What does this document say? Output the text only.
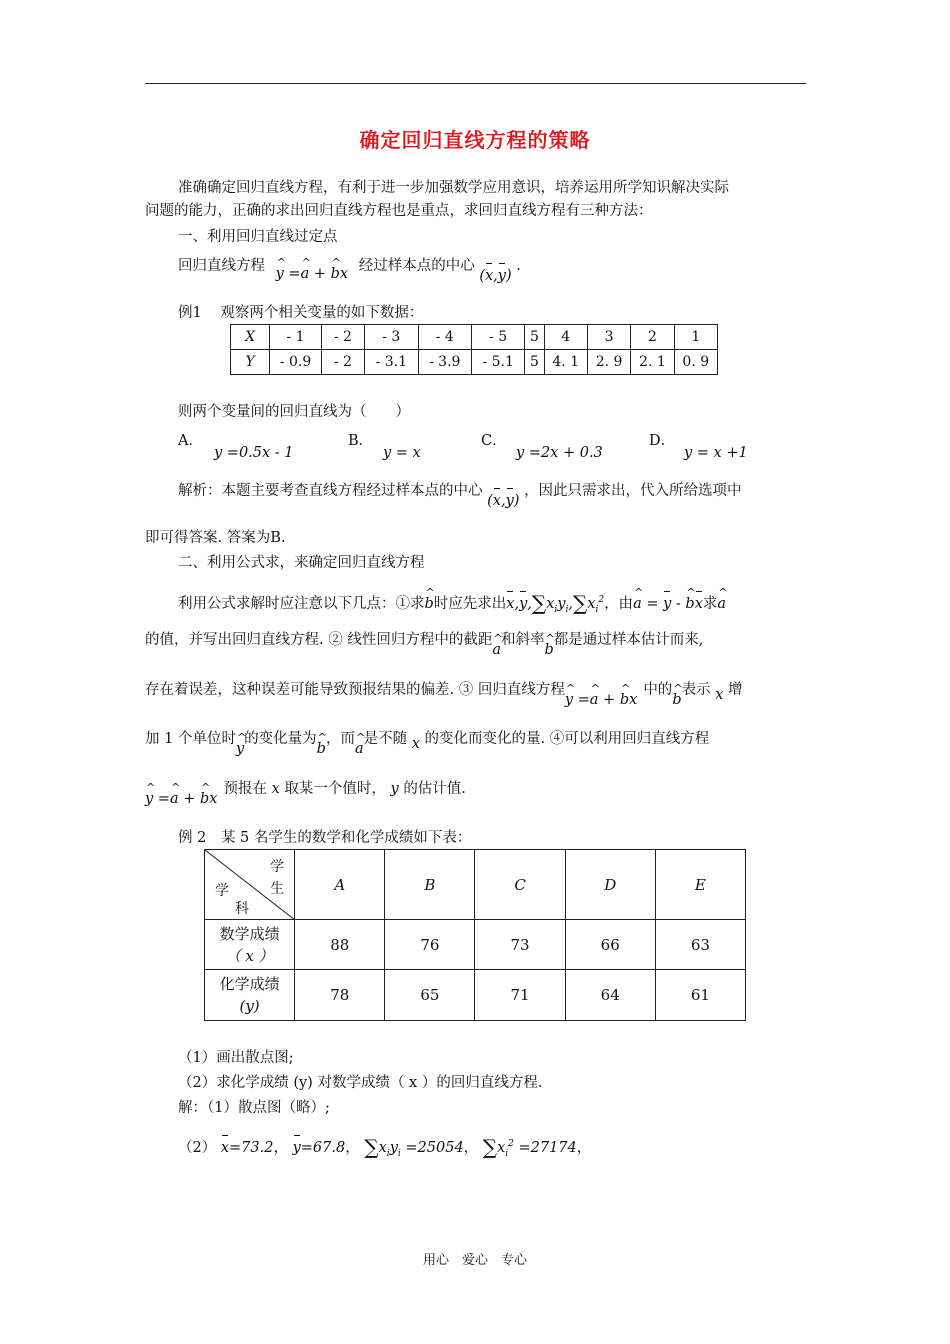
确定回归直线方程的策略
准确确定回归直线方程，有利于进一步加强数学应用意识，培养运用所学知识解决实际
问题的能力，正确的求出回归直线方程也是重点，求回归直线方程有三种方法：
一、利用回归直线过定点
回归直线方程 ^ y =^ a + ^ bx 经过样本点的中心 (x,y) .
例1 观察两个相关变量的如下数据：
X	- 1	- 2	- 3	- 4	- 5	5	4	3	2	1
Y	- 0.9	- 2	- 3.1	- 3.9	- 5.1	5	4. 1	2. 9	2. 1	0. 9
则两个变量间的回归直线为（　　）
A．
y =0.5x - 1
B．
y = x
C．
y =2x + 0.3
D．
y = x +1
解析：本题主要考查直线方程经过样本点的中心 (x,y) ，因此只需求出，代入所给选项中
即可得答案. 答案为B.
二、利用公式求，来确定回归直线方程
利用公式求解时应注意以下几点：①求^ b时应先求出$x,y,\sum x_iy_i,\sum x_i^2$，由^ a = y - ^ bx求^ a
的值，并写出回归直线方程. ② 线性回归方程中的截距^ a和斜率^ b都是通过样本估计而来,
存在着误差，这种误差可能导致预报结果的偏差. ③ 回归直线方程^ y =^ a + ^ bx中的^ b表示 x 增
加 1 个单位时^ y的变化量为^ b，而^ a是不随 x 的变化而变化的量. ④可以利用回归直线方程
^ y =^ a + ^ bx预报在 x 取某一个值时， y 的估计值.
例 2 某 5 名学生的数学和化学成绩如下表：
学　生
学
科	A	B	C	D	E

数学成绩
（ x ）	88	76	73	66	63

化学成绩
(y)	78	65	71	64	61
（1）画出散点图;
（2）求化学成绩 (y) 对数学成绩（ x ）的回归直线方程.
解：（1）散点图（略）;
（2） x=73.2， y=67.8， $\sum x_iy_i =25054$， $\sum x_i^2 =27174$，
用心　爱心　专心
